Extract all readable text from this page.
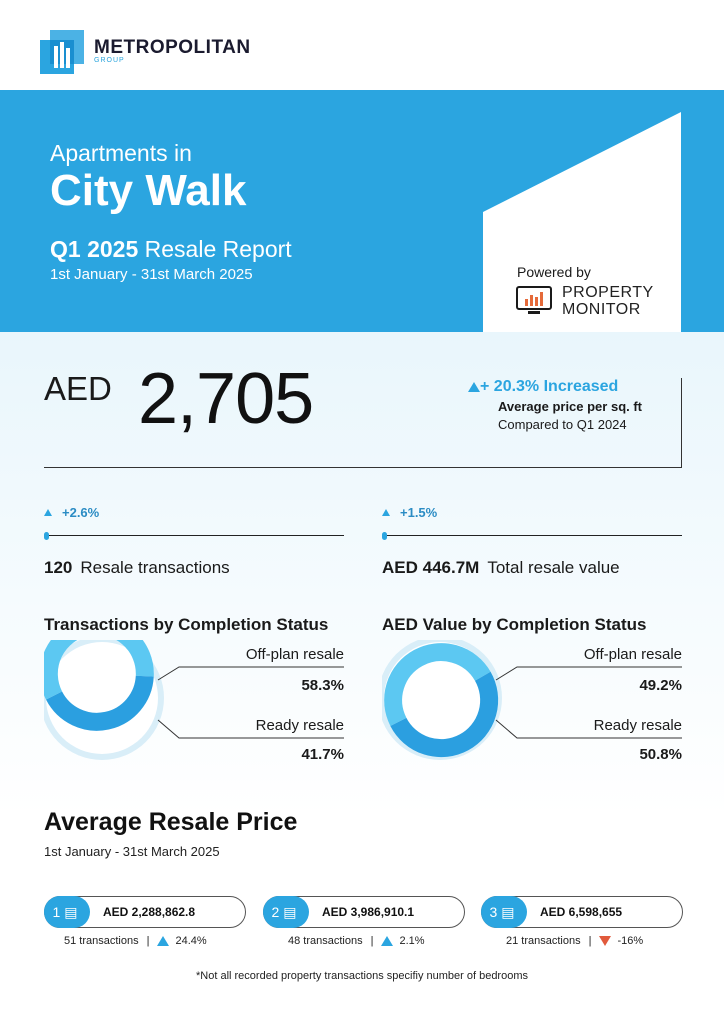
METROPOLITAN
GROUP
Apartments in
City Walk
Q1 2025 Resale Report
1st January - 31st March 2025	Powered by
PROPERTY
MONITOR
AED 2,705	+ 20.3% Increased
Average price per sq. ft
Compared to Q1 2024
+2.6%
120 Resale transactions
+1.5%
AED 446.7M Total resale value
Transactions by Completion Status	AED Value by Completion Status
Off-plan resale
58.3%
Ready resale
41.7%
Off-plan resale
49.2%
Ready resale
50.8%
Average Resale Price
1st January - 31st March 2025
1 ▤ AED 2,288,862.8
51 transactions | 24.4%
2 ▤ AED 3,986,910.1
48 transactions | 2.1%
3 ▤ AED 6,598,655
21 transactions | -16%
*Not all recorded property transactions specifiy number of bedrooms
